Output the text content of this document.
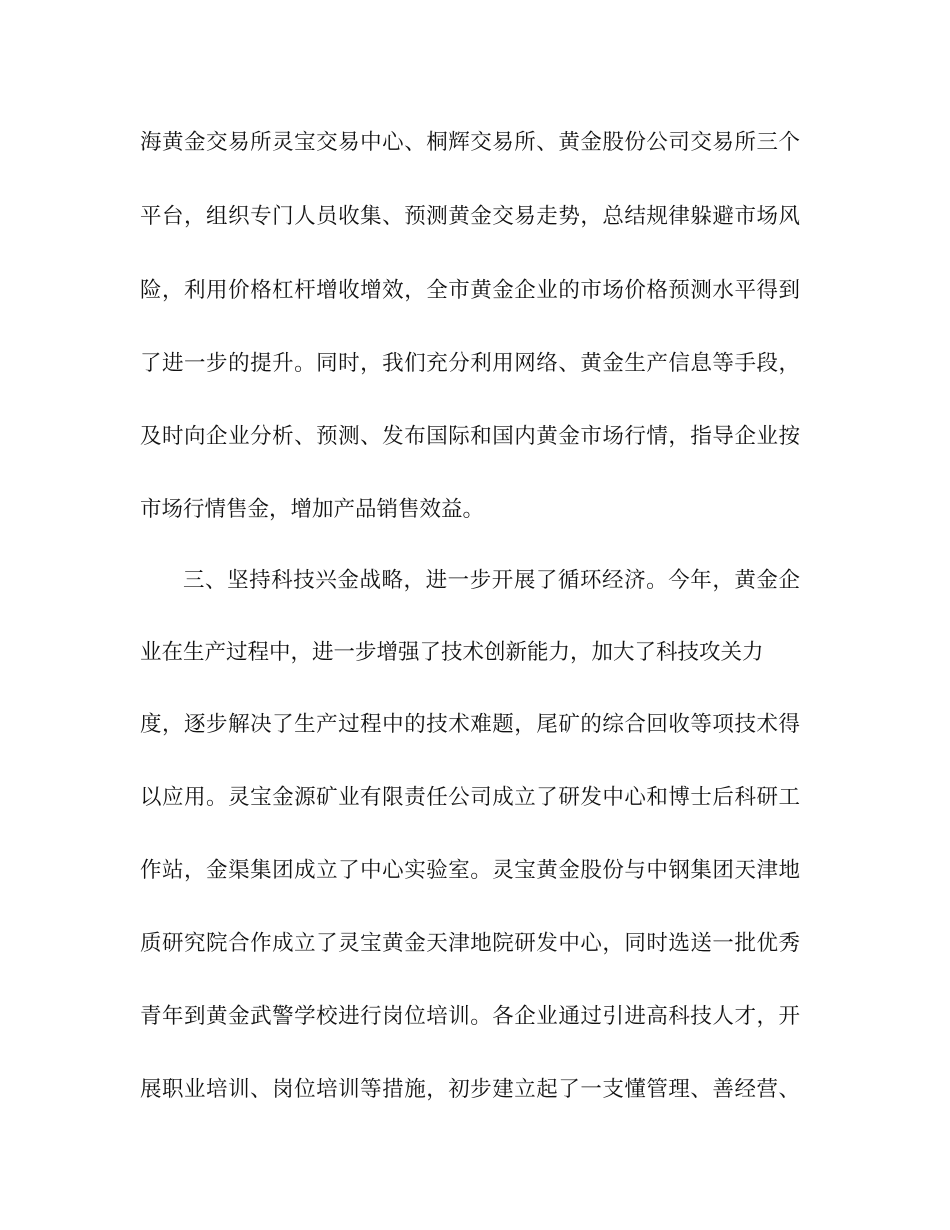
海黄金交易所灵宝交易中心、桐辉交易所、黄金股份公司交易所三个
平台，组织专门人员收集、预测黄金交易走势，总结规律躲避市场风
险，利用价格杠杆增收增效，全市黄金企业的市场价格预测水平得到
了进一步的提升。同时，我们充分利用网络、黄金生产信息等手段，
及时向企业分析、预测、发布国际和国内黄金市场行情，指导企业按
市场行情售金，增加产品销售效益。
三、坚持科技兴金战略，进一步开展了循环经济。今年，黄金企
业在生产过程中，进一步增强了技术创新能力，加大了科技攻关力
度，逐步解决了生产过程中的技术难题，尾矿的综合回收等项技术得
以应用。灵宝金源矿业有限责任公司成立了研发中心和博士后科研工
作站，金渠集团成立了中心实验室。灵宝黄金股份与中钢集团天津地
质研究院合作成立了灵宝黄金天津地院研发中心，同时选送一批优秀
青年到黄金武警学校进行岗位培训。各企业通过引进高科技人才，开
展职业培训、岗位培训等措施，初步建立起了一支懂管理、善经营、
